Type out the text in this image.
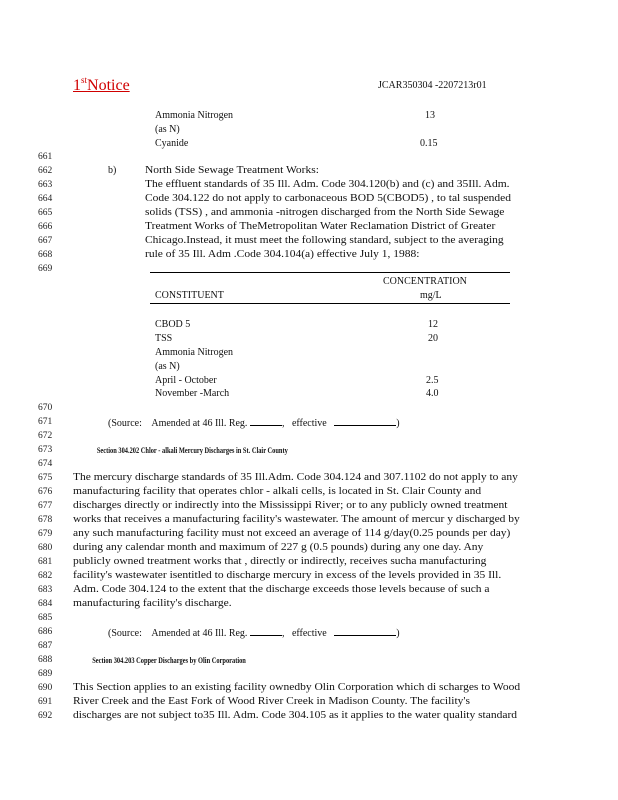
1stNotice	JCAR350304 -2207213r01
661
662
663
664
665
666
667
668
669
670
671
672
673
674
675
676
677
678
679
680
681
682
683
684
685
686
687
688
689
690
691
692
Ammonia Nitrogen	13
(as N)
Cyanide	0.15
b)	North Side Sewage Treatment Works:
The effluent standards of 35 Ill. Adm. Code 304.120(b) and (c) and 35Ill. Adm.
Code 304.122 do not apply to carbonaceous BOD 5(CBOD5) , to tal suspended
solids (TSS) , and ammonia -nitrogen discharged from the North Side Sewage
Treatment Works of TheMetropolitan Water Reclamation District of Greater
Chicago.Instead, it must meet the following standard, subject to the averaging
rule of 35 Ill. Adm .Code 304.104(a) effective July 1, 1988:
CONCENTRATION
CONSTITUENT	mg/L
CBOD 5	12
TSS	20
Ammonia Nitrogen
(as N)
April - October	2.5
November -March	4.0
(Source: Amended at 46 Ill. Reg.	,   effective	)
Section 304.202 Chlor - alkali Mercury Discharges in St. Clair County
The mercury discharge standards of 35 Ill.Adm. Code 304.124 and 307.1102 do not apply to any
manufacturing facility that operates chlor - alkali cells, is located in St. Clair County and
discharges directly or indirectly into the Mississippi River; or to any publicly owned treatment
works that receives a manufacturing facility's wastewater. The amount of mercur y discharged by
any such manufacturing facility must not exceed an average of 114 g/day(0.25 pounds per day)
during any calendar month and maximum of 227 g (0.5 pounds) during any one day. Any
publicly owned treatment works that , directly or indirectly, receives sucha manufacturing
facility's wastewater isentitled to discharge mercury in excess of the levels provided in 35 Ill.
Adm. Code 304.124 to the extent that the discharge exceeds those levels because of such a
manufacturing facility's discharge.
(Source: Amended at 46 Ill. Reg.	,   effective	)
Section 304.203 Copper Discharges by Olin Corporation
This Section applies to an existing facility ownedby Olin Corporation which di scharges to Wood
River Creek and the East Fork of Wood River Creek in Madison County. The facility's
discharges are not subject to35 Ill. Adm. Code 304.105 as it applies to the water quality standard
